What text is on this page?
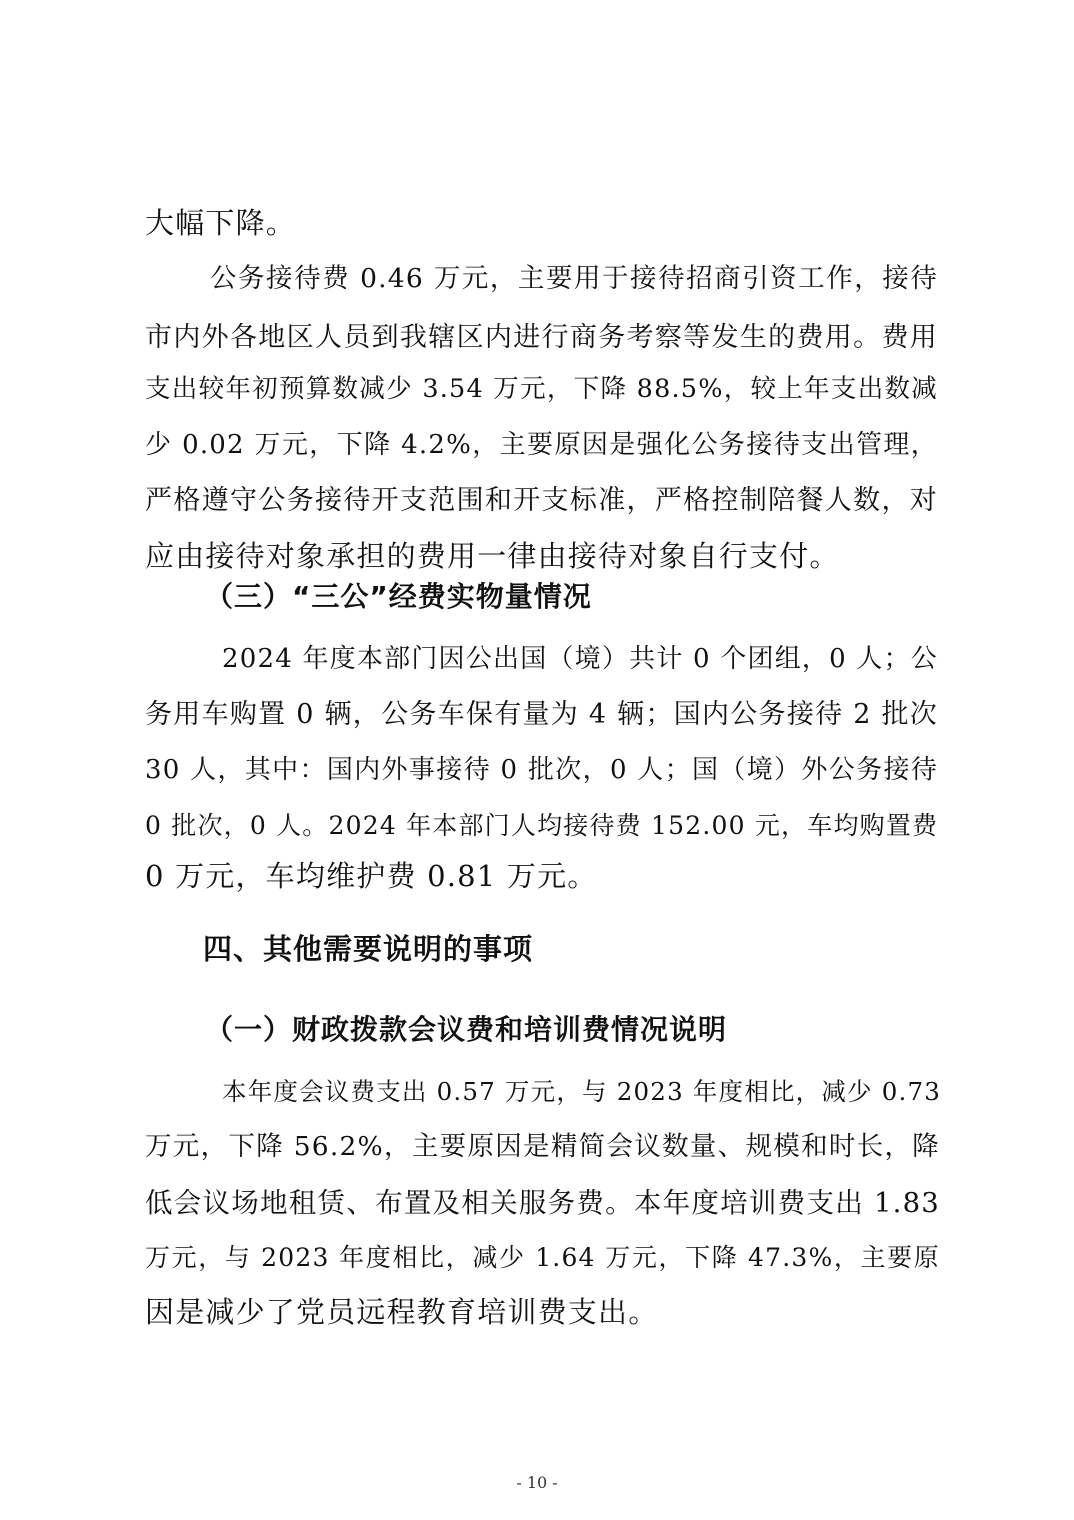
大幅下降。
公务接待费 0.46 万元，主要用于接待招商引资工作，接待
市内外各地区人员到我辖区内进行商务考察等发生的费用。费用
支出较年初预算数减少 3.54 万元，下降 88.5%，较上年支出数减
少 0.02 万元，下降 4.2%，主要原因是强化公务接待支出管理，
严格遵守公务接待开支范围和开支标准，严格控制陪餐人数，对
应由接待对象承担的费用一律由接待对象自行支付。
（三）“三公”经费实物量情况
2024 年度本部门因公出国（境）共计 0 个团组，0 人；公
务用车购置 0 辆，公务车保有量为 4 辆；国内公务接待 2 批次
30 人，其中：国内外事接待 0 批次，0 人；国（境）外公务接待
0 批次，0 人。2024 年本部门人均接待费 152.00 元，车均购置费
0 万元，车均维护费 0.81 万元。
四、其他需要说明的事项
（一）财政拨款会议费和培训费情况说明
本年度会议费支出 0.57 万元，与 2023 年度相比，减少 0.73
万元，下降 56.2%，主要原因是精简会议数量、规模和时长，降
低会议场地租赁、布置及相关服务费。本年度培训费支出 1.83
万元，与 2023 年度相比，减少 1.64 万元，下降 47.3%，主要原
因是减少了党员远程教育培训费支出。
- 10 -
